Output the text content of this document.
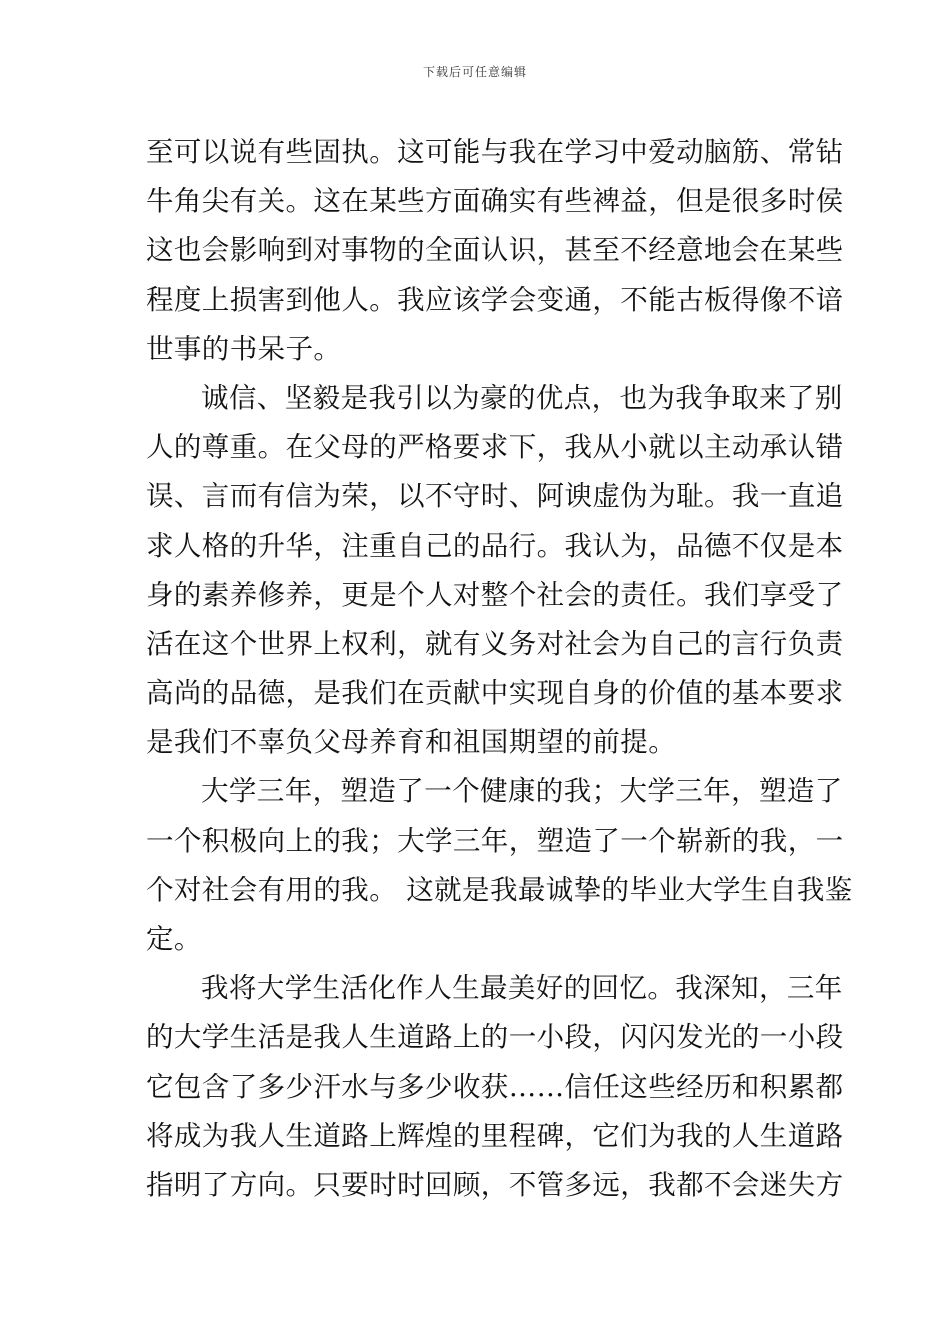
下载后可任意编辑
至可以说有些固执。这可能与我在学习中爱动脑筋、常钻
牛角尖有关。这在某些方面确实有些裨益，但是很多时侯
这也会影响到对事物的全面认识，甚至不经意地会在某些
程度上损害到他人。我应该学会变通，不能古板得像不谙
世事的书呆子。
诚信、坚毅是我引以为豪的优点，也为我争取来了别
人的尊重。在父母的严格要求下，我从小就以主动承认错
误、言而有信为荣，以不守时、阿谀虚伪为耻。我一直追
求人格的升华，注重自己的品行。我认为，品德不仅是本
身的素养修养，更是个人对整个社会的责任。我们享受了
活在这个世界上权利，就有义务对社会为自己的言行负责
高尚的品德，是我们在贡献中实现自身的价值的基本要求
是我们不辜负父母养育和祖国期望的前提。
大学三年，塑造了一个健康的我；大学三年，塑造了
一个积极向上的我；大学三年，塑造了一个崭新的我，一
个对社会有用的我。 这就是我最诚挚的毕业大学生自我鉴
定。
我将大学生活化作人生最美好的回忆。我深知，三年
的大学生活是我人生道路上的一小段，闪闪发光的一小段
它包含了多少汗水与多少收获……信任这些经历和积累都
将成为我人生道路上辉煌的里程碑，它们为我的人生道路
指明了方向。只要时时回顾，不管多远，我都不会迷失方
